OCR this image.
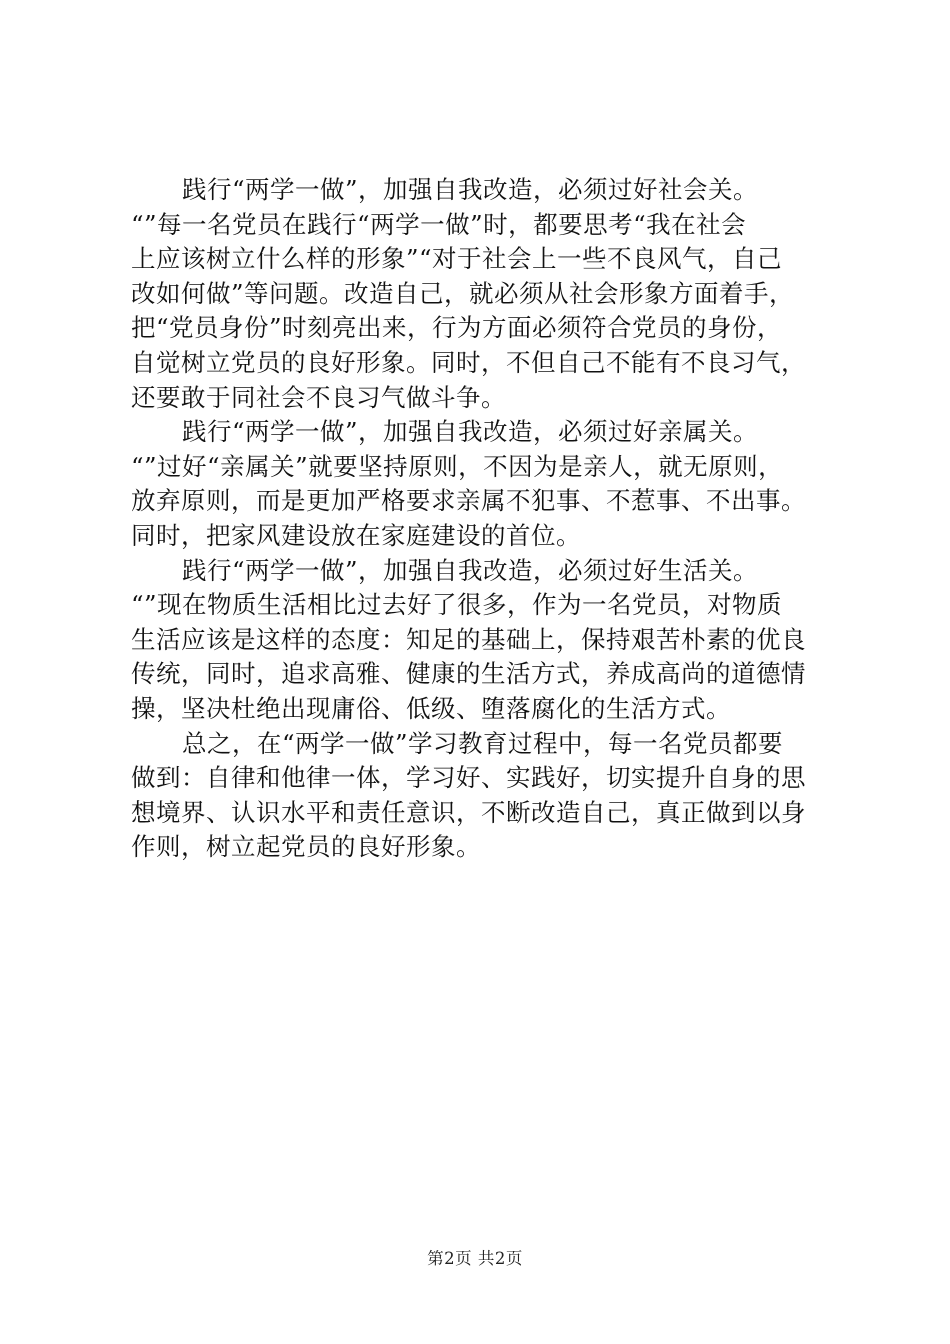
践行“两学一做”，加强自我改造，必须过好社会关。
“”每一名党员在践行“两学一做”时，都要思考“我在社会
上应该树立什么样的形象”“对于社会上一些不良风气，自己
改如何做”等问题。改造自己，就必须从社会形象方面着手，
把“党员身份”时刻亮出来，行为方面必须符合党员的身份，
自觉树立党员的良好形象。同时，不但自己不能有不良习气，
还要敢于同社会不良习气做斗争。
践行“两学一做”，加强自我改造，必须过好亲属关。
“”过好“亲属关”就要坚持原则，不因为是亲人，就无原则，
放弃原则，而是更加严格要求亲属不犯事、不惹事、不出事。
同时，把家风建设放在家庭建设的首位。
践行“两学一做”，加强自我改造，必须过好生活关。
“”现在物质生活相比过去好了很多，作为一名党员，对物质
生活应该是这样的态度：知足的基础上，保持艰苦朴素的优良
传统，同时，追求高雅、健康的生活方式，养成高尚的道德情
操，坚决杜绝出现庸俗、低级、堕落腐化的生活方式。
总之，在“两学一做”学习教育过程中，每一名党员都要
做到：自律和他律一体，学习好、实践好，切实提升自身的思
想境界、认识水平和责任意识，不断改造自己，真正做到以身
作则，树立起党员的良好形象。
第2页 共2页
